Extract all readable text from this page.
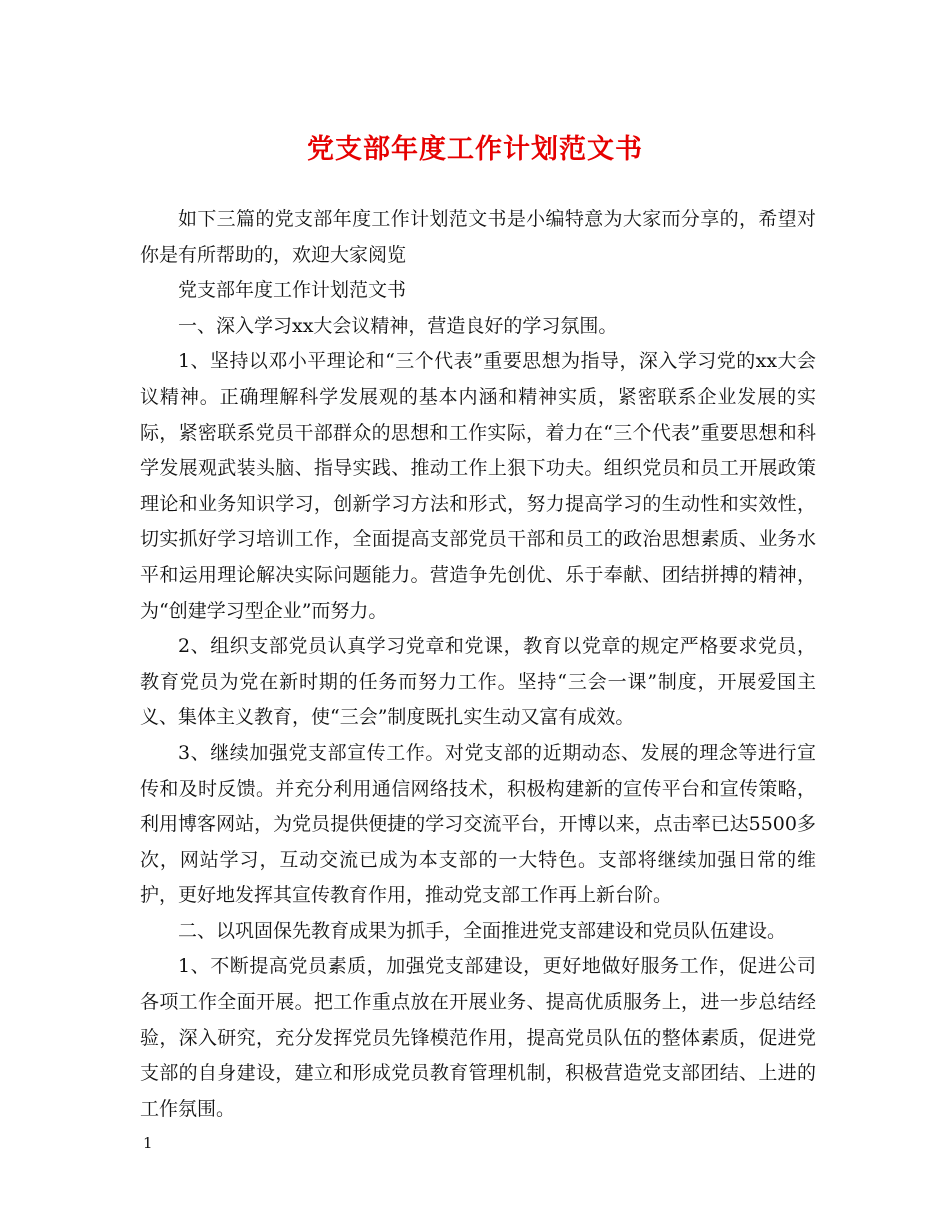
党支部年度工作计划范文书

如下三篇的党支部年度工作计划范文书是小编特意为大家而分享的，希望对你是有所帮助的，欢迎大家阅览

党支部年度工作计划范文书

一、深入学习xx大会议精神，营造良好的学习氛围。

1、坚持以邓小平理论和“三个代表”重要思想为指导，深入学习党的xx大会议精神。正确理解科学发展观的基本内涵和精神实质，紧密联系企业发展的实际，紧密联系党员干部群众的思想和工作实际，着力在“三个代表”重要思想和科学发展观武装头脑、指导实践、推动工作上狠下功夫。组织党员和员工开展政策理论和业务知识学习，创新学习方法和形式，努力提高学习的生动性和实效性，切实抓好学习培训工作，全面提高支部党员干部和员工的政治思想素质、业务水平和运用理论解决实际问题能力。营造争先创优、乐于奉献、团结拼搏的精神，为“创建学习型企业”而努力。

2、组织支部党员认真学习党章和党课，教育以党章的规定严格要求党员，教育党员为党在新时期的任务而努力工作。坚持“三会一课”制度，开展爱国主义、集体主义教育，使“三会”制度既扎实生动又富有成效。

3、继续加强党支部宣传工作。对党支部的近期动态、发展的理念等进行宣传和及时反馈。并充分利用通信网络技术，积极构建新的宣传平台和宣传策略，利用博客网站，为党员提供便捷的学习交流平台，开博以来，点击率已达5500多次，网站学习，互动交流已成为本支部的一大特色。支部将继续加强日常的维护，更好地发挥其宣传教育作用，推动党支部工作再上新台阶。

二、以巩固保先教育成果为抓手，全面推进党支部建设和党员队伍建设。

1、不断提高党员素质，加强党支部建设，更好地做好服务工作，促进公司各项工作全面开展。把工作重点放在开展业务、提高优质服务上，进一步总结经验，深入研究，充分发挥党员先锋模范作用，提高党员队伍的整体素质，促进党支部的自身建设，建立和形成党员教育管理机制，积极营造党支部团结、上进的工作氛围。

1
